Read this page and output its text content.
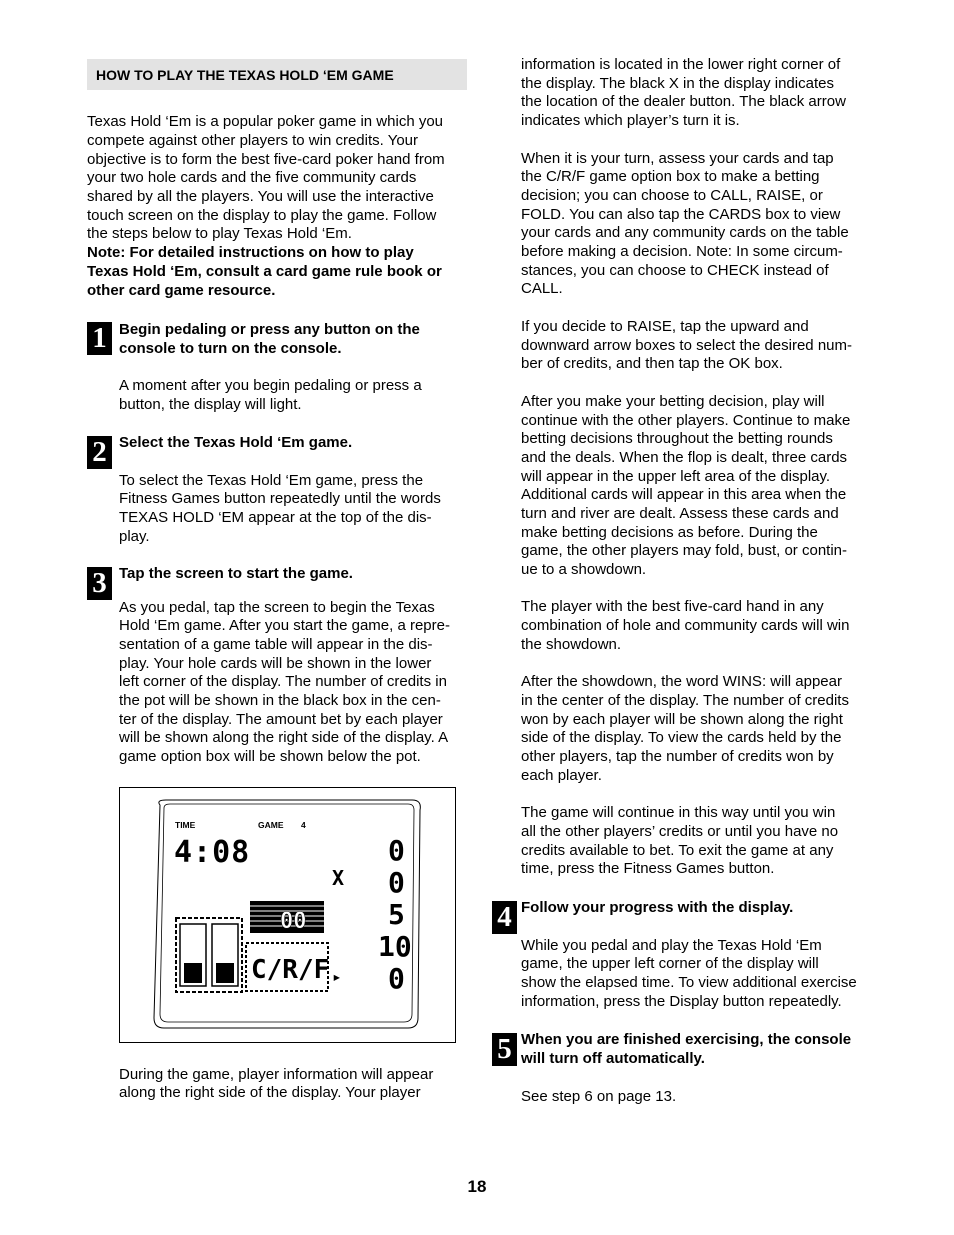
HOW TO PLAY THE TEXAS HOLD ‘EM GAME
Texas Hold ‘Em is a popular poker game in which you
compete against other players to win credits. Your
objective is to form the best five-card poker hand from
your two hole cards and the five community cards
shared by all the players. You will use the interactive
touch screen on the display to play the game. Follow
the steps below to play Texas Hold ‘Em.
Note: For detailed instructions on how to play
Texas Hold ‘Em, consult a card game rule book or
other card game resource.
1 Begin pedaling or press any button on the
console to turn on the console.
A moment after you begin pedaling or press a
button, the display will light.
2 Select the Texas Hold ‘Em game.
To select the Texas Hold ‘Em game, press the
Fitness Games button repeatedly until the words
TEXAS HOLD ‘EM appear at the top of the dis-
play.
3 Tap the screen to start the game.
As you pedal, tap the screen to begin the Texas
Hold ‘Em game. After you start the game, a repre-
sentation of a game table will appear in the dis-
play. Your hole cards will be shown in the lower
left corner of the display. The number of credits in
the pot will be shown in the black box in the cen-
ter of the display. The amount bet by each player
will be shown along the right side of the display. A
game option box will be shown below the pot.
TIME	GAME 4
4:08
X
00
C/R/F ▸
0
0
5
10
0
During the game, player information will appear
along the right side of the display. Your player
information is located in the lower right corner of
the display. The black X in the display indicates
the location of the dealer button. The black arrow
indicates which player’s turn it is.
When it is your turn, assess your cards and tap
the C/R/F game option box to make a betting
decision; you can choose to CALL, RAISE, or
FOLD. You can also tap the CARDS box to view
your cards and any community cards on the table
before making a decision. Note: In some circum-
stances, you can choose to CHECK instead of
CALL.
If you decide to RAISE, tap the upward and
downward arrow boxes to select the desired num-
ber of credits, and then tap the OK box.
After you make your betting decision, play will
continue with the other players. Continue to make
betting decisions throughout the betting rounds
and the deals. When the flop is dealt, three cards
will appear in the upper left area of the display.
Additional cards will appear in this area when the
turn and river are dealt. Assess these cards and
make betting decisions as before. During the
game, the other players may fold, bust, or contin-
ue to a showdown.
The player with the best five-card hand in any
combination of hole and community cards will win
the showdown.
After the showdown, the word WINS: will appear
in the center of the display. The number of credits
won by each player will be shown along the right
side of the display. To view the cards held by the
other players, tap the number of credits won by
each player.
The game will continue in this way until you win
all the other players’ credits or until you have no
credits available to bet. To exit the game at any
time, press the Fitness Games button.
4 Follow your progress with the display.
While you pedal and play the Texas Hold ‘Em
game, the upper left corner of the display will
show the elapsed time. To view additional exercise
information, press the Display button repeatedly.
5 When you are finished exercising, the console
will turn off automatically.
See step 6 on page 13.
18
